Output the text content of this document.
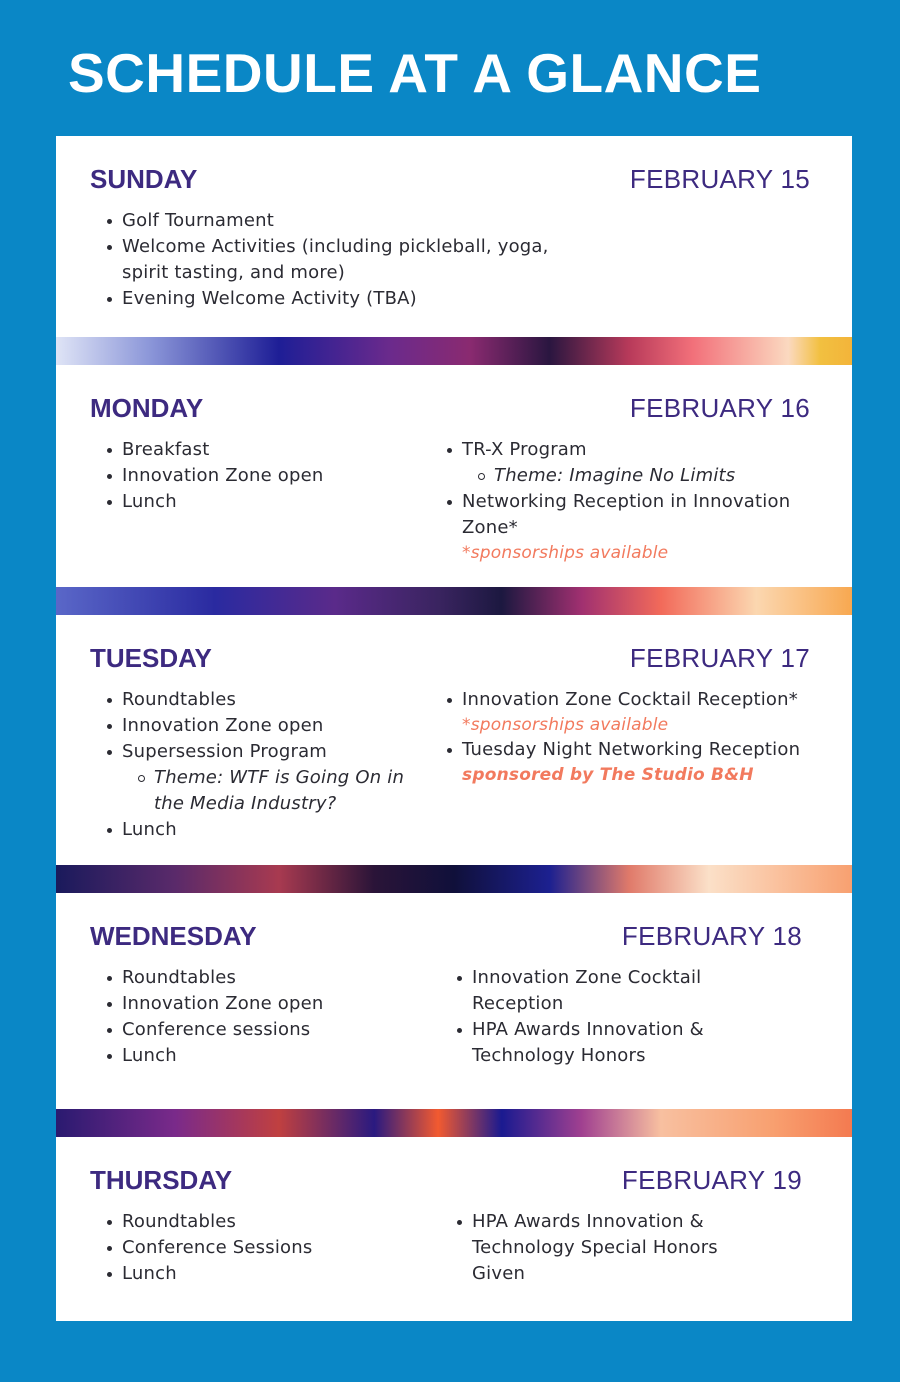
SCHEDULE AT A GLANCE
SUNDAY	FEBRUARY 15
Golf Tournament
Welcome Activities (including pickleball, yoga, spirit tasting, and more)
Evening Welcome Activity (TBA)
MONDAY	FEBRUARY 16
Breakfast
Innovation Zone open
Lunch
TR-X Program
Theme: Imagine No Limits
Networking Reception in Innovation Zone*
*sponsorships available
TUESDAY	FEBRUARY 17
Roundtables
Innovation Zone open
Supersession Program
Theme: WTF is Going On in the Media Industry?
Lunch
Innovation Zone Cocktail Reception*
*sponsorships available
Tuesday Night Networking Reception
sponsored by The Studio B&H
WEDNESDAY	FEBRUARY 18
Roundtables
Innovation Zone open
Conference sessions
Lunch
Innovation Zone Cocktail Reception
HPA Awards Innovation & Technology Honors
THURSDAY	FEBRUARY 19
Roundtables
Conference Sessions
Lunch
HPA Awards Innovation & Technology Special Honors Given
